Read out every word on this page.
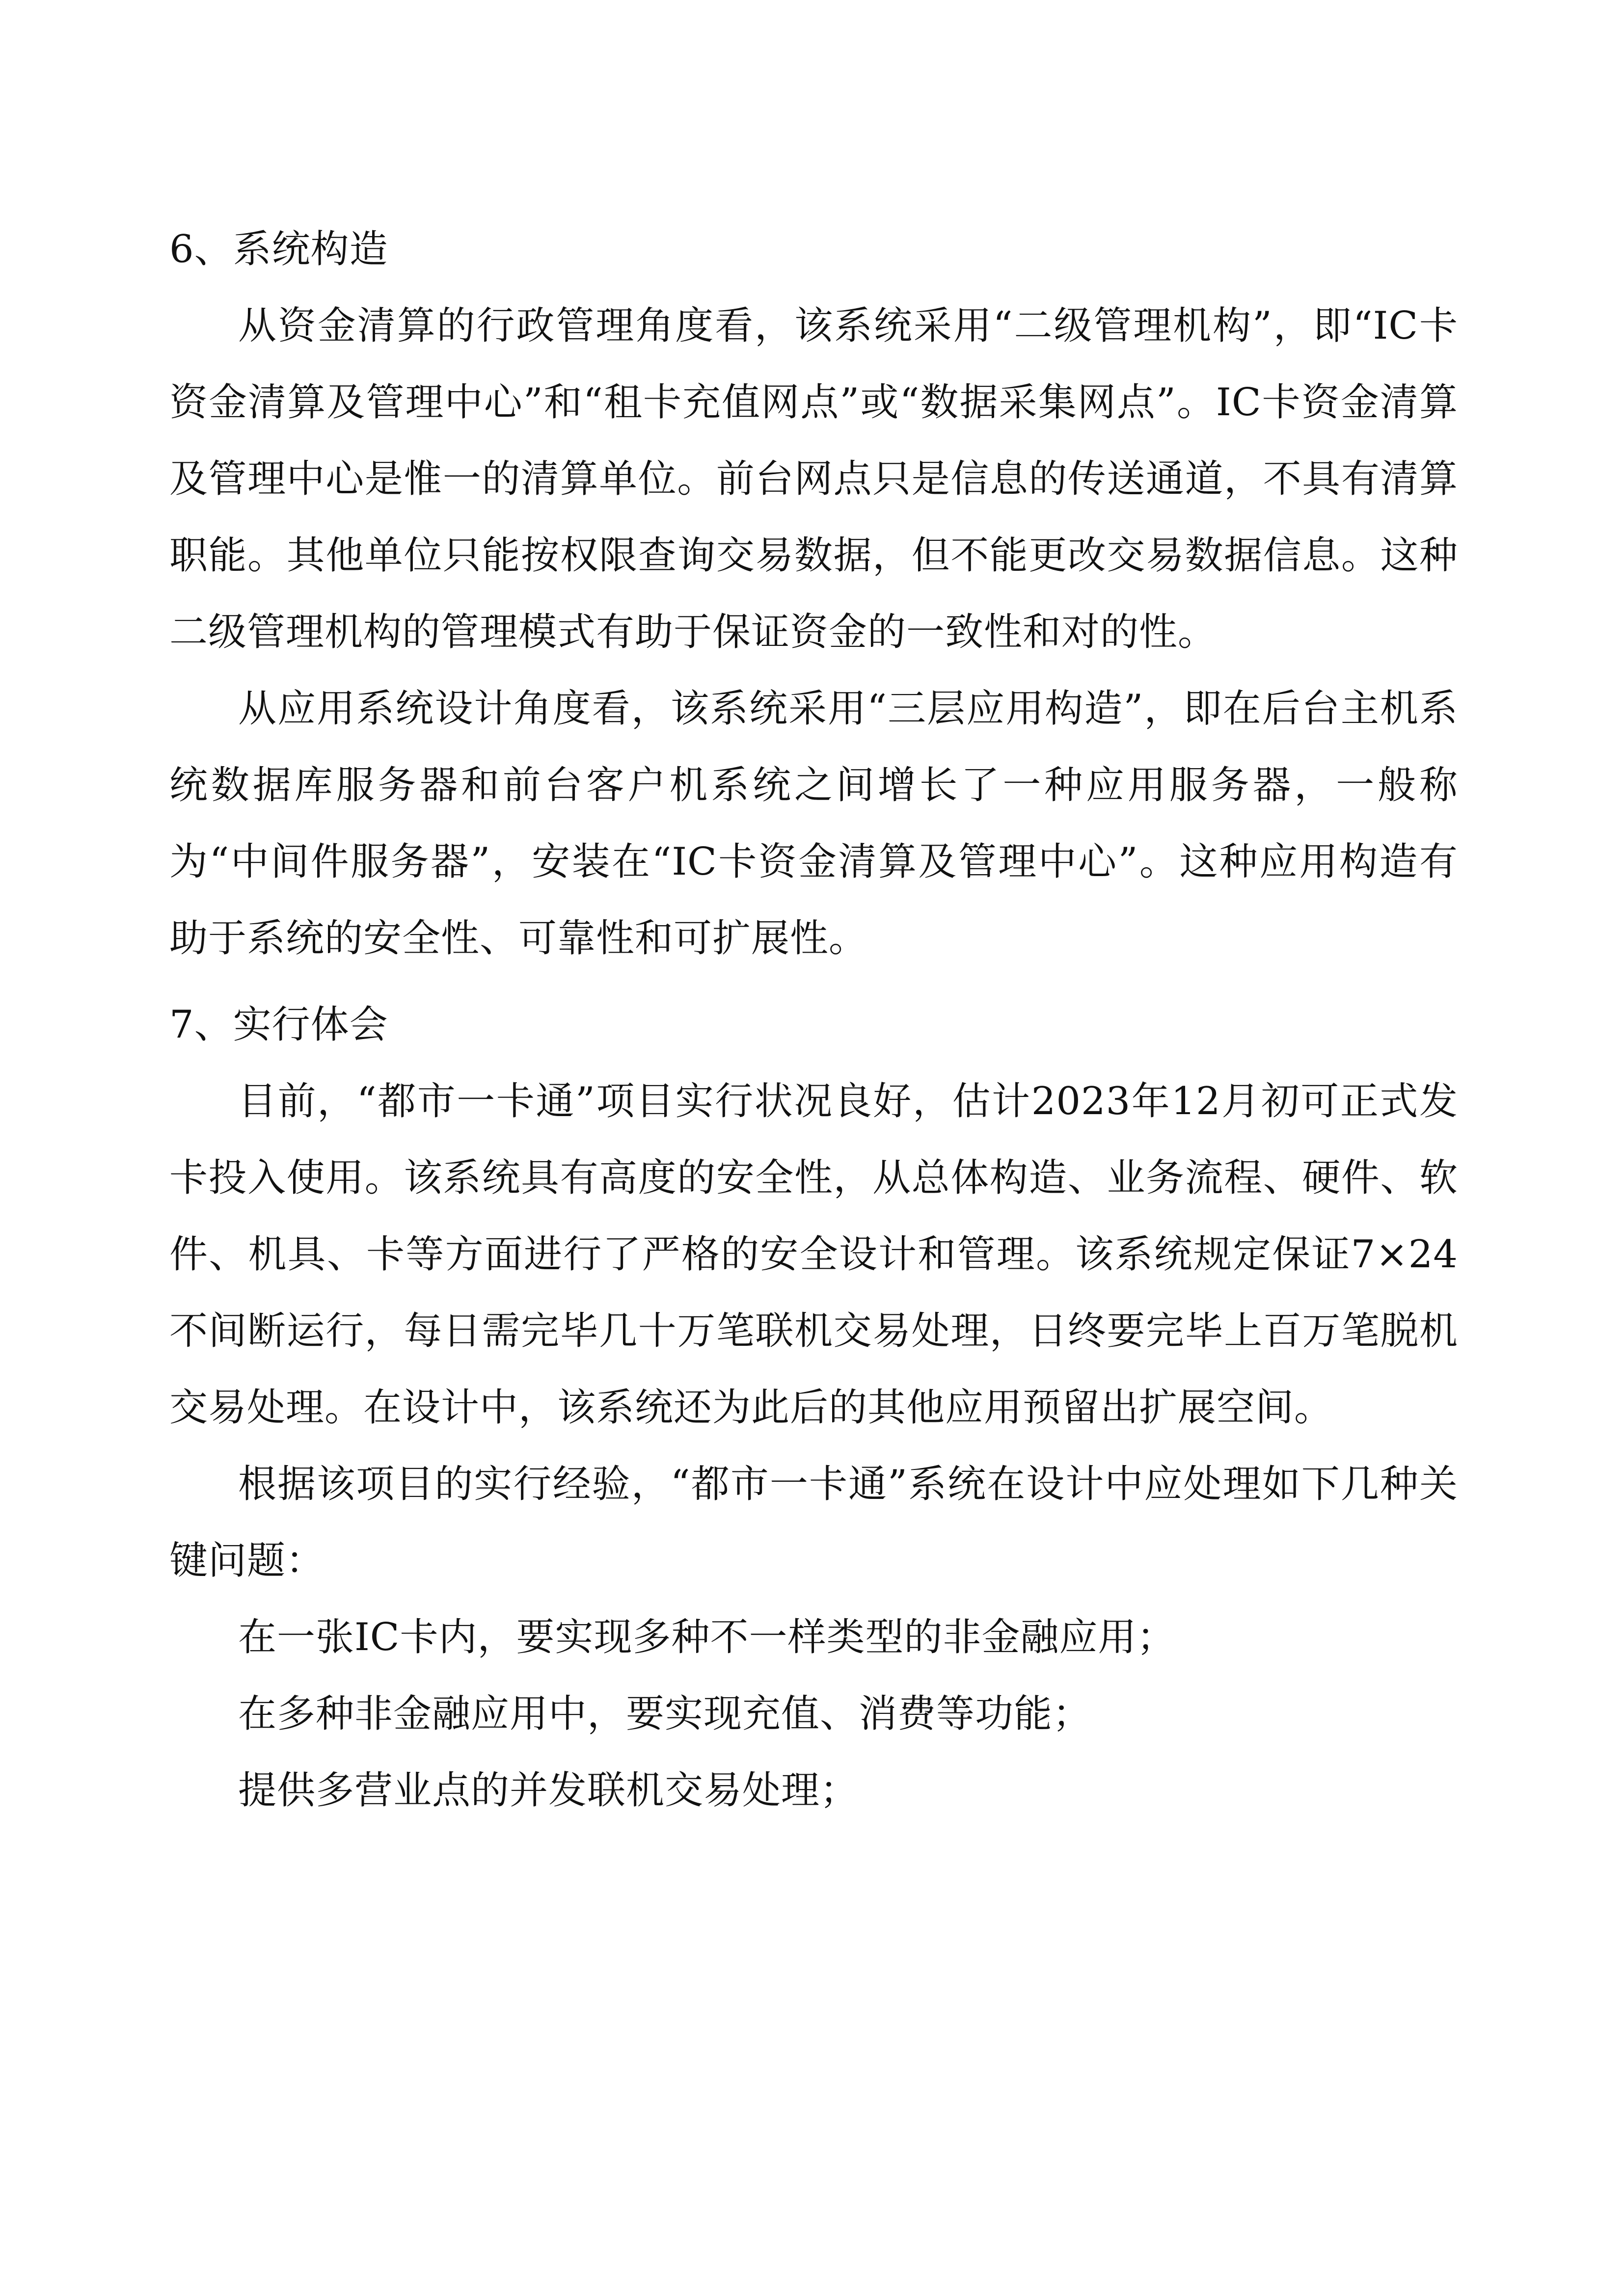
6、系统构造

从资金清算的行政管理角度看，该系统采用“二级管理机构”，即“IC卡资金清算及管理中心”和“租卡充值网点”或“数据采集网点”。IC卡资金清算及管理中心是惟一的清算单位。前台网点只是信息的传送通道，不具有清算职能。其他单位只能按权限查询交易数据，但不能更改交易数据信息。这种二级管理机构的管理模式有助于保证资金的一致性和对的性。

从应用系统设计角度看，该系统采用“三层应用构造”，即在后台主机系统数据库服务器和前台客户机系统之间增长了一种应用服务器，一般称为“中间件服务器”，安装在“IC卡资金清算及管理中心”。这种应用构造有助于系统的安全性、可靠性和可扩展性。

7、实行体会

目前，“都市一卡通”项目实行状况良好，估计2023年12月初可正式发卡投入使用。该系统具有高度的安全性，从总体构造、业务流程、硬件、软件、机具、卡等方面进行了严格的安全设计和管理。该系统规定保证7×24不间断运行，每日需完毕几十万笔联机交易处理，日终要完毕上百万笔脱机交易处理。在设计中，该系统还为此后的其他应用预留出扩展空间。

根据该项目的实行经验，“都市一卡通”系统在设计中应处理如下几种关键问题：

在一张IC卡内，要实现多种不一样类型的非金融应用；

在多种非金融应用中，要实现充值、消费等功能；

提供多营业点的并发联机交易处理；
